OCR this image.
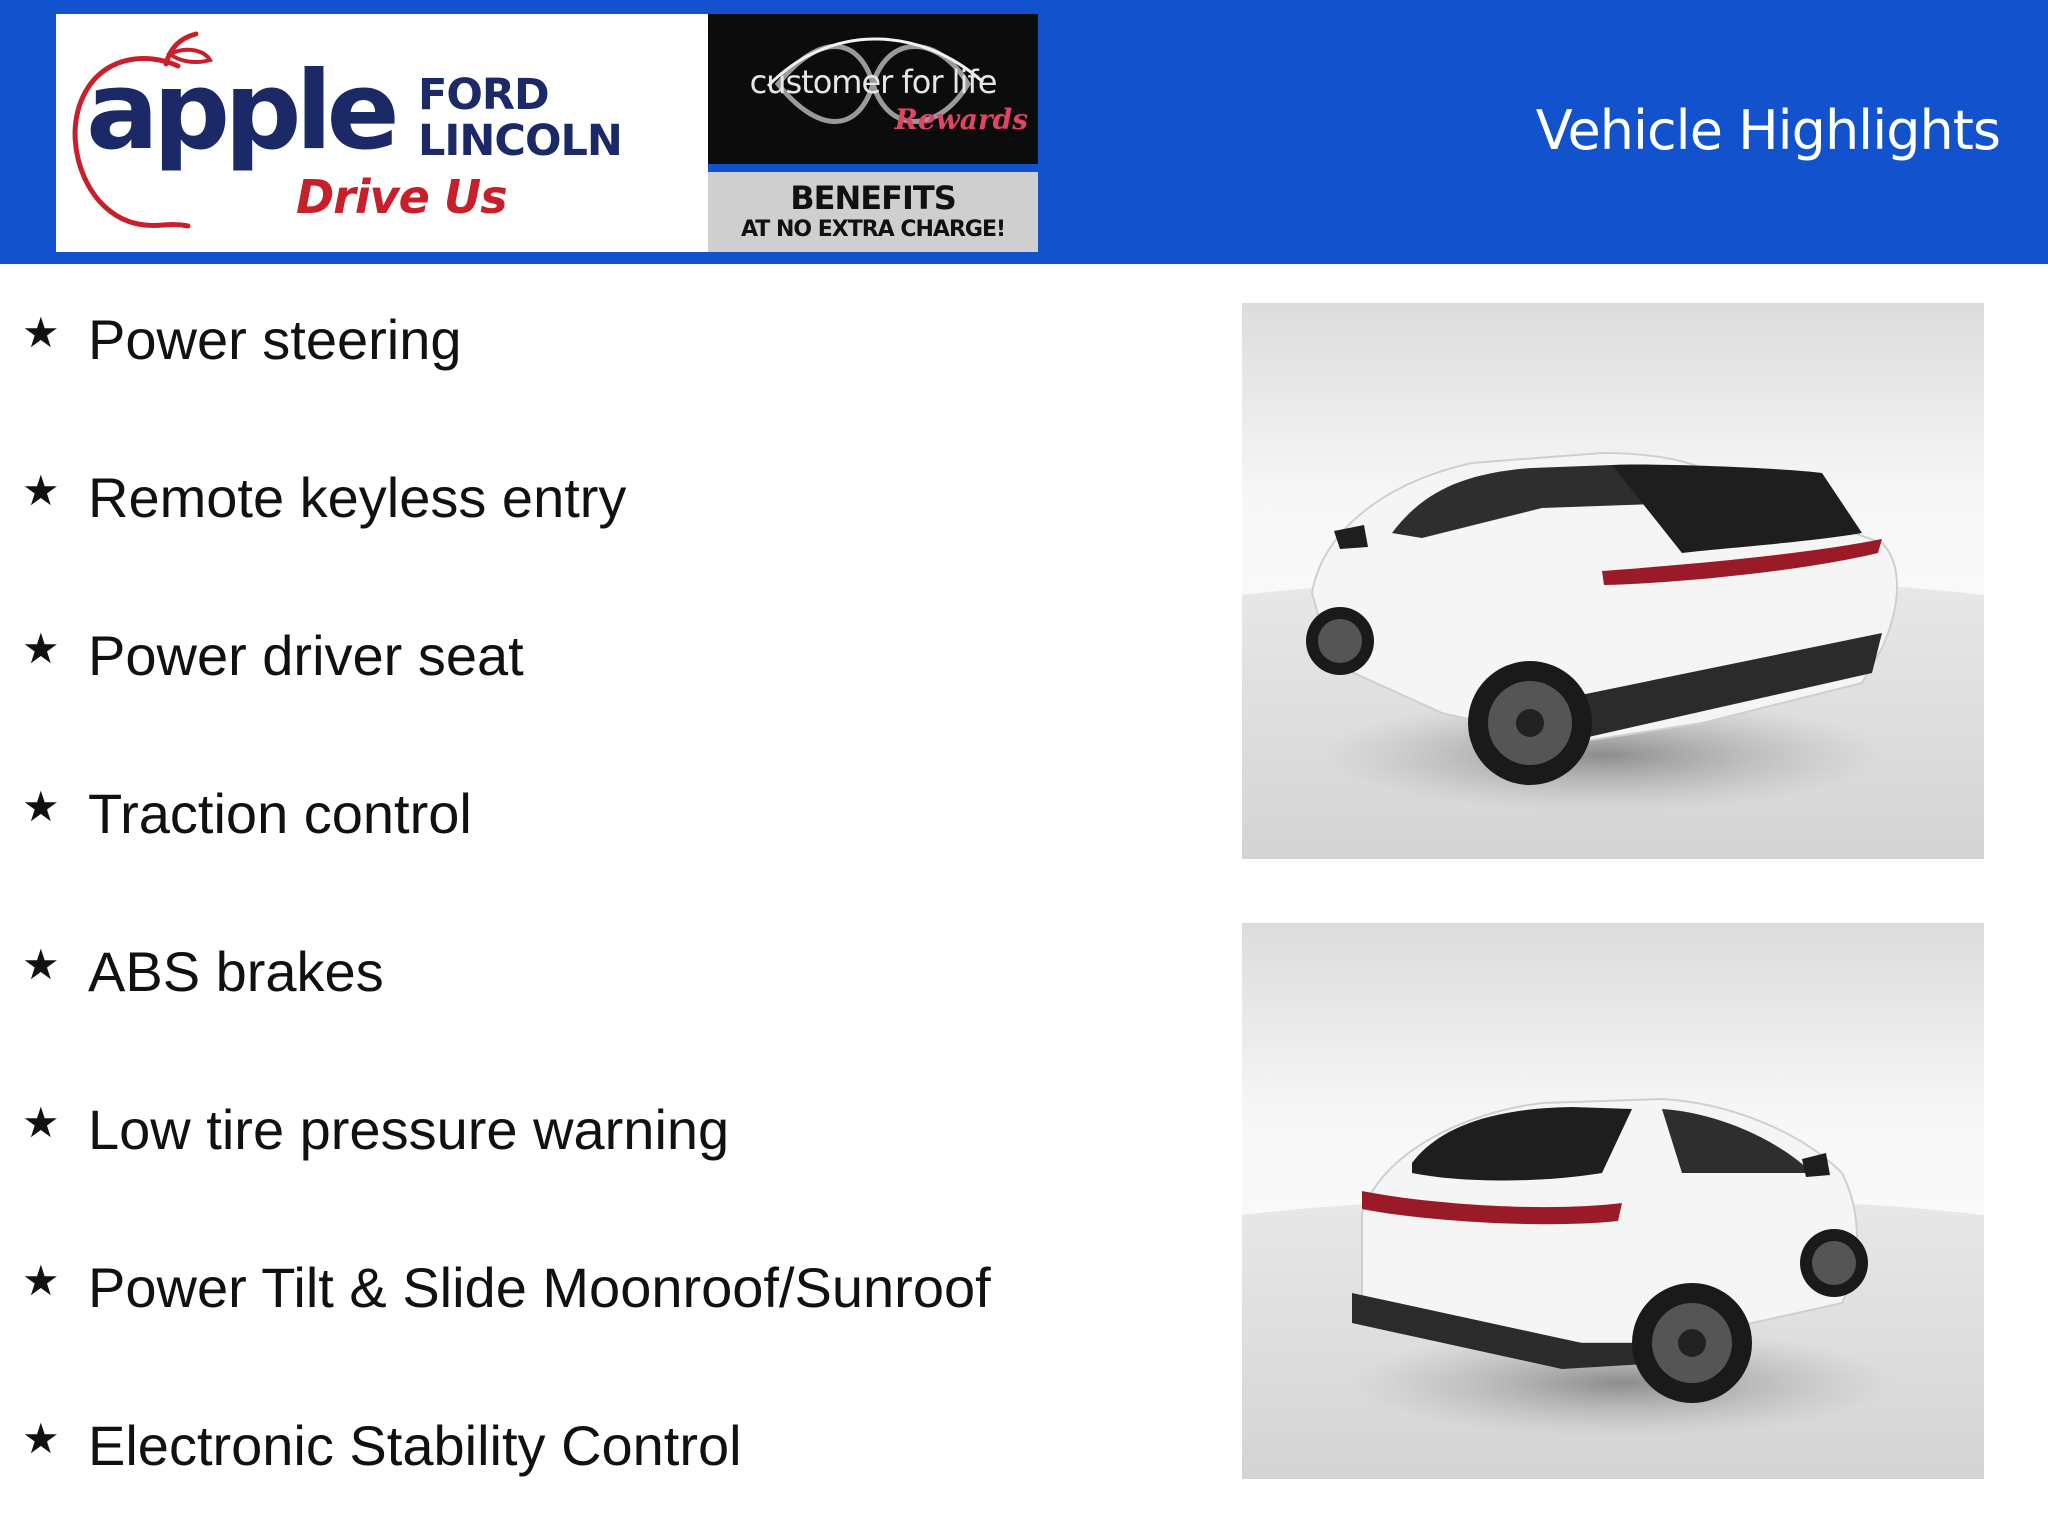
apple FORD
LINCOLN
Drive Us
customer for life
Rewards
BENEFITS
AT NO EXTRA CHARGE!
Vehicle Highlights
★ Power steering
★ Remote keyless entry
★ Power driver seat
★ Traction control
★ ABS brakes
★ Low tire pressure warning
★ Power Tilt & Slide Moonroof/Sunroof
★ Electronic Stability Control
